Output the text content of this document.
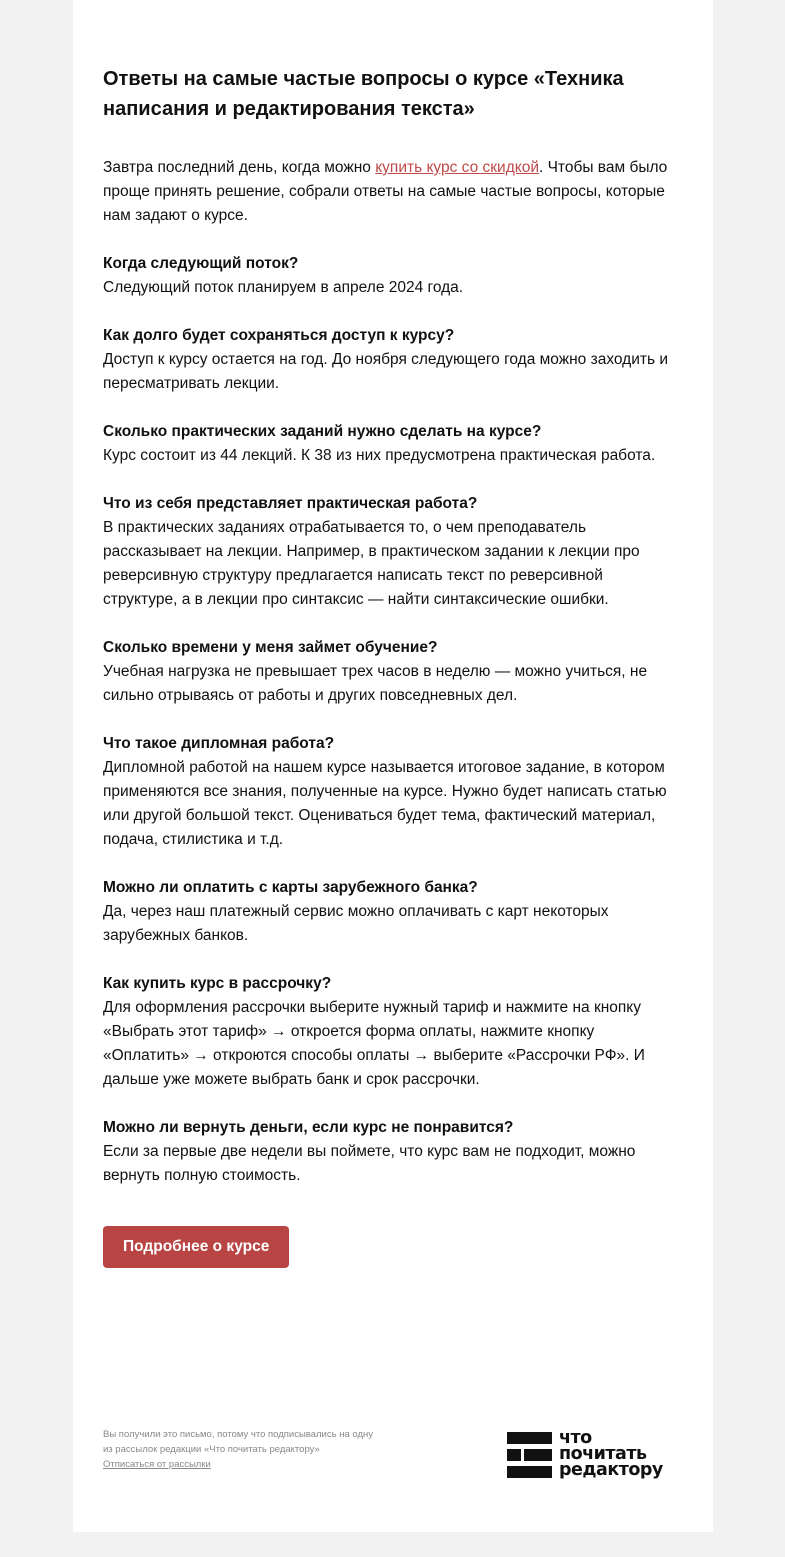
Ответы на самые частые вопросы о курсе «Техника написания и редактирования текста»

Завтра последний день, когда можно купить курс со скидкой. Чтобы вам было проще принять решение, собрали ответы на самые частые вопросы, которые нам задают о курсе.

Когда следующий поток?

Следующий поток планируем в апреле 2024 года.

Как долго будет сохраняться доступ к курсу?

Доступ к курсу остается на год. До ноября следующего года можно заходить и пересматривать лекции.

Сколько практических заданий нужно сделать на курсе?

Курс состоит из 44 лекций. К 38 из них предусмотрена практическая работа.

Что из себя представляет практическая работа?

В практических заданиях отрабатывается то, о чем преподаватель рассказывает на лекции. Например, в практическом задании к лекции про реверсивную структуру предлагается написать текст по реверсивной структуре, а в лекции про синтаксис — найти синтаксические ошибки.

Сколько времени у меня займет обучение?

Учебная нагрузка не превышает трех часов в неделю — можно учиться, не сильно отрываясь от работы и других повседневных дел.

Что такое дипломная работа?

Дипломной работой на нашем курсе называется итоговое задание, в котором применяются все знания, полученные на курсе. Нужно будет написать статью или другой большой текст. Оцениваться будет тема, фактический материал, подача, стилистика и т.д.

Можно ли оплатить с карты зарубежного банка?

Да, через наш платежный сервис можно оплачивать с карт некоторых зарубежных банков.

Как купить курс в рассрочку?

Для оформления рассрочки выберите нужный тариф и нажмите на кнопку «Выбрать этот тариф» → откроется форма оплаты, нажмите кнопку «Оплатить» → откроются способы оплаты → выберите «Рассрочки РФ». И дальше уже можете выбрать банк и срок рассрочки.

Можно ли вернуть деньги, если курс не понравится?

Если за первые две недели вы поймете, что курс вам не подходит, можно вернуть полную стоимость.

Подробнее о курсе
Вы получили это письмо, потому что подписывались на одну из рассылок редакции «Что почитать редактору»
Отписаться от рассылки
что
почитать
редактору
